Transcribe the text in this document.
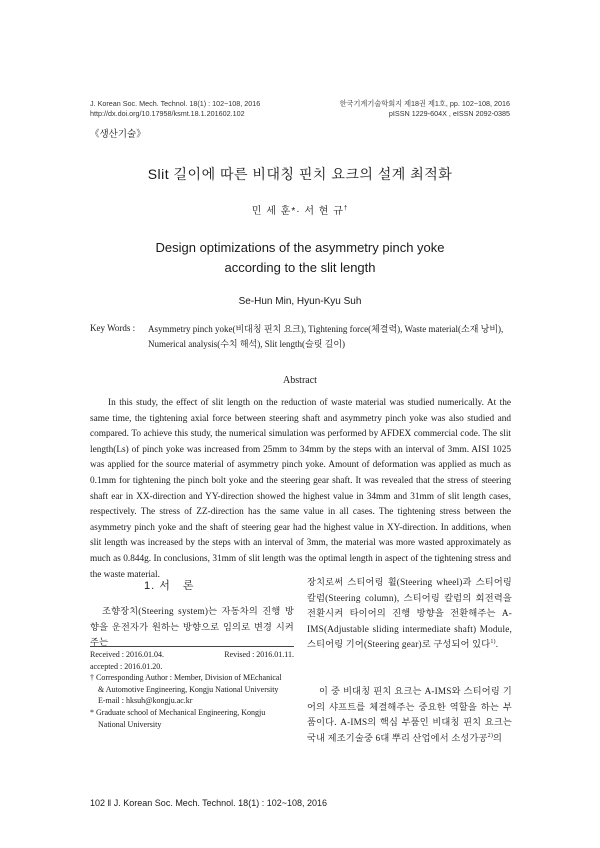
J. Korean Soc. Mech. Technol. 18(1) : 102~108, 2016
http://dx.doi.org/10.17958/ksmt.18.1.201602.102
한국기계기술학회지 제18권 제1호, pp. 102~108, 2016
pISSN 1229-604X , eISSN 2092-0385
《생산기술》
Slit 길이에 따른 비대칭 핀치 요크의 설계 최적화
민 세 훈*· 서 현 규†
Design optimizations of the asymmetry pinch yoke
according to the slit length
Se-Hun Min, Hyun-Kyu Suh
Key Words : Asymmetry pinch yoke(비대칭 핀치 요크), Tightening force(체결력), Waste material(소재 낭비),
Numerical analysis(수치 해석), Slit length(슬릿 길이)
Abstract
In this study, the effect of slit length on the reduction of waste material was studied numerically. At the same time, the tightening axial force between steering shaft and asymmetry pinch yoke was also studied and compared. To achieve this study, the numerical simulation was performed by AFDEX commercial code. The slit length(Ls) of pinch yoke was increased from 25mm to 34mm by the steps with an interval of 3mm. AISI 1025 was applied for the source material of asymmetry pinch yoke. Amount of deformation was applied as much as 0.1mm for tightening the pinch bolt yoke and the steering gear shaft. It was revealed that the stress of steering shaft ear in XX-direction and YY-direction showed the highest value in 34mm and 31mm of slit length cases, respectively. The stress of ZZ-direction has the same value in all cases. The tightening stress between the asymmetry pinch yoke and the shaft of steering gear had the highest value in XY-direction. In additions, when slit length was increased by the steps with an interval of 3mm, the material was more wasted approximately as much as 0.844g. In conclusions, 31mm of slit length was the optimal length in aspect of the tightening stress and the waste material.
1. 서　론
조향장치(Steering system)는 자동차의 진행 방향을 운전자가 원하는 방향으로 임의로 변경 시켜주는
Received : 2016.01.04.	Revised : 2016.01.11.
accepted : 2016.01.20.
† Corresponding Author : Member, Division of MEchanical
& Automotive Engineering, Kongju National University
E-mail : hksuh@kongju.ac.kr
* Graduate school of Mechanical Engineering, Kongju
National University
장치로써 스티어링 휠(Steering wheel)과 스티어링 칼럼(Steering column), 스티어링 칼럼의 회전력을 전환시켜 타이어의 진행 방향을 전환해주는 A-IMS(Adjustable sliding intermediate shaft) Module, 스티어링 기어(Steering gear)로 구성되어 있다$^{1)}$.
이 중 비대칭 핀치 요크는 A-IMS와 스티어링 기어의 샤프트를 체결해주는 중요한 역할을 하는 부품이다. A-IMS의 핵심 부품인 비대칭 핀치 요크는 국내 제조기술중 6대 뿌리 산업에서 소성가공$^{2)}$의
102 ‖ J. Korean Soc. Mech. Technol. 18(1) : 102~108, 2016
